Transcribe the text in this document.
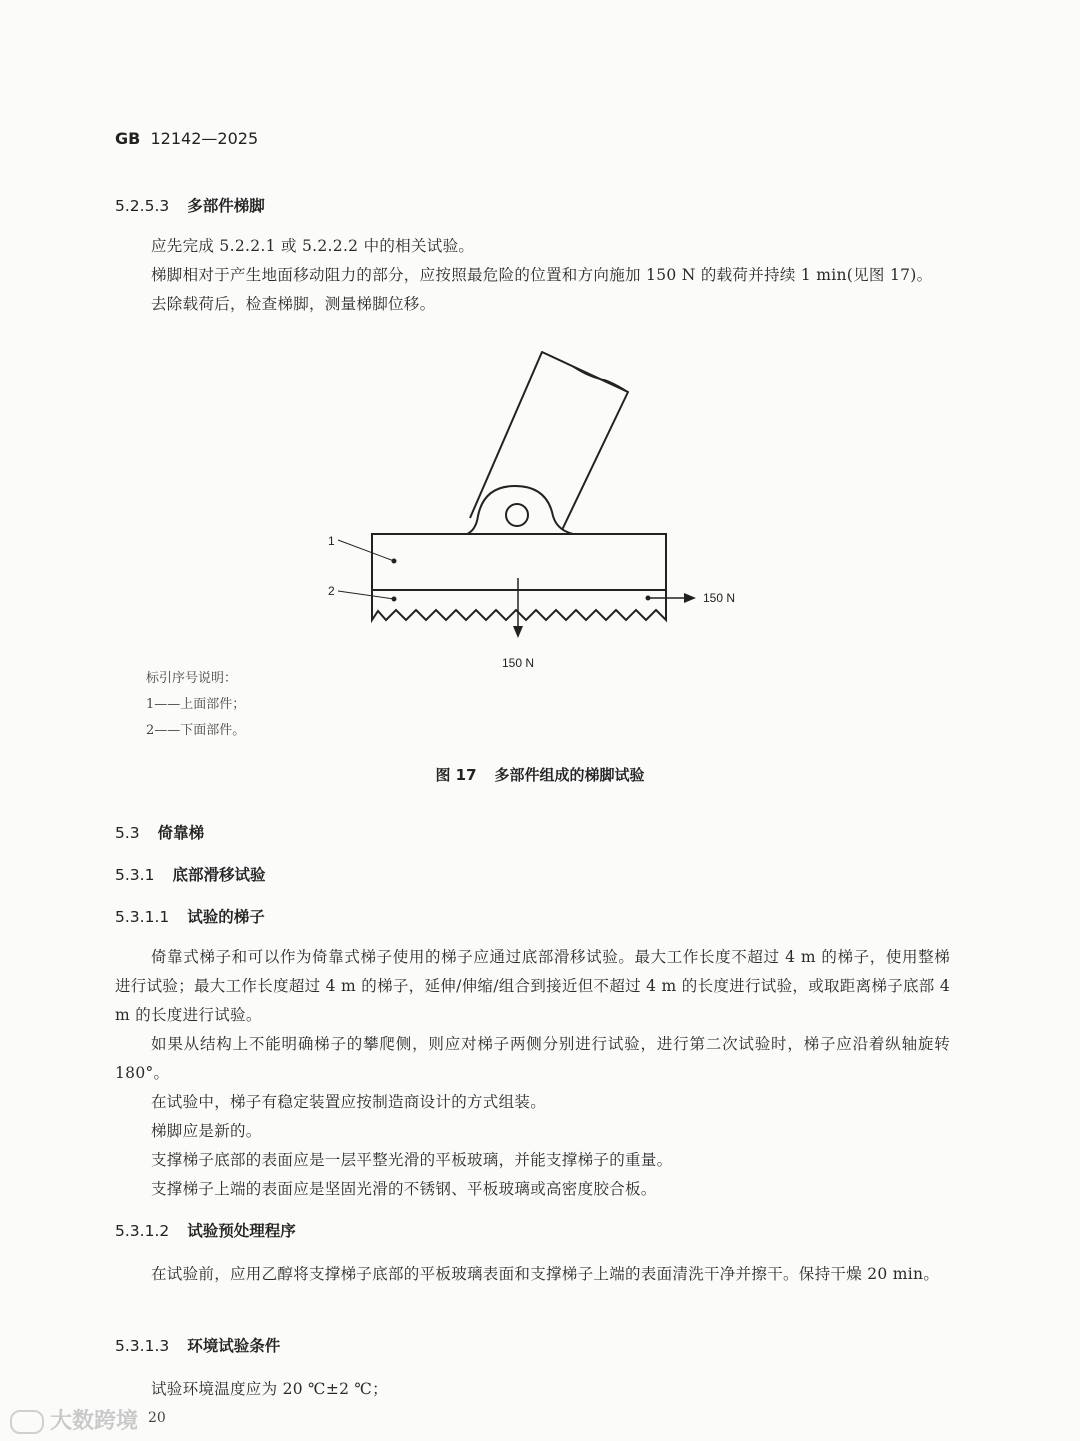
GB 12142—2025
5.2.5.3 多部件梯脚

应先完成 5.2.2.1 或 5.2.2.2 中的相关试验。

梯脚相对于产生地面移动阻力的部分，应按照最危险的位置和方向施加 150 N 的载荷并持续 1 min(见图 17)。

去除载荷后，检查梯脚，测量梯脚位移。

1
2	150 N
150 N
标引序号说明：
1——上面部件；
2——下面部件。
图 17 多部件组成的梯脚试验
5.3 倚靠梯
5.3.1 底部滑移试验
5.3.1.1 试验的梯子

倚靠式梯子和可以作为倚靠式梯子使用的梯子应通过底部滑移试验。最大工作长度不超过 4 m 的梯子，使用整梯进行试验；最大工作长度超过 4 m 的梯子，延伸/伸缩/组合到接近但不超过 4 m 的长度进行试验，或取距离梯子底部 4 m 的长度进行试验。

如果从结构上不能明确梯子的攀爬侧，则应对梯子两侧分别进行试验，进行第二次试验时，梯子应沿着纵轴旋转 180°。

在试验中，梯子有稳定装置应按制造商设计的方式组装。

梯脚应是新的。

支撑梯子底部的表面应是一层平整光滑的平板玻璃，并能支撑梯子的重量。

支撑梯子上端的表面应是坚固光滑的不锈钢、平板玻璃或高密度胶合板。

5.3.1.2 试验预处理程序

在试验前，应用乙醇将支撑梯子底部的平板玻璃表面和支撑梯子上端的表面清洗干净并擦干。保持干燥 20 min。

5.3.1.3 环境试验条件

试验环境温度应为 20 ℃±2 ℃；

大数跨境 20
